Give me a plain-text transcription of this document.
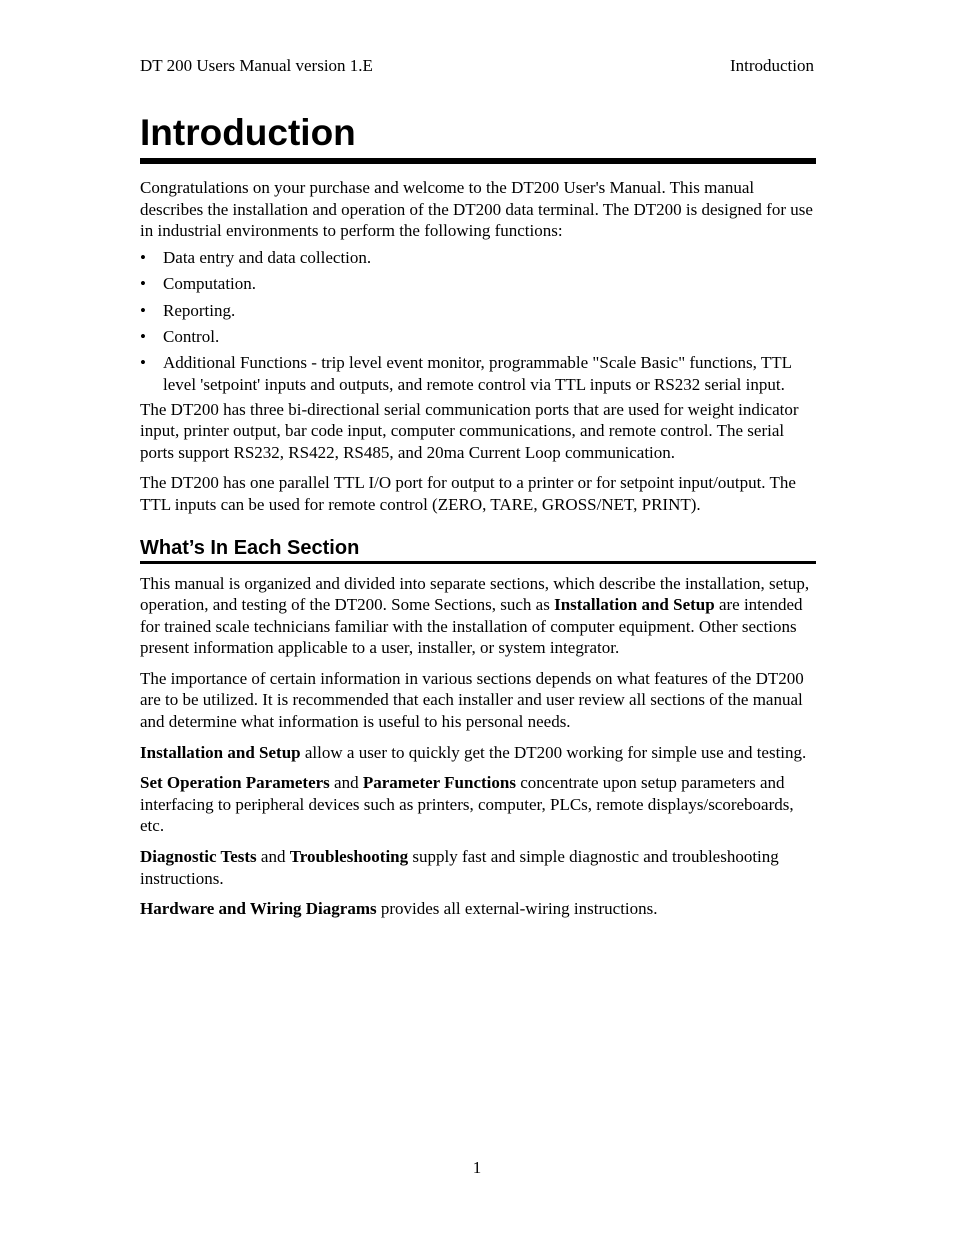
DT 200 Users Manual version 1.E	Introduction
Introduction

Congratulations on your purchase and welcome to the DT200 User's Manual. This manual describes the installation and operation of the DT200 data terminal. The DT200 is designed for use in industrial environments to perform the following functions:

• Data entry and data collection.
• Computation.
• Reporting.
• Control.
• Additional Functions - trip level event monitor, programmable "Scale Basic" functions, TTL level 'setpoint' inputs and outputs, and remote control via TTL inputs or RS232 serial input.

The DT200 has three bi-directional serial communication ports that are used for weight indicator input, printer output, bar code input, computer communications, and remote control. The serial ports support RS232, RS422, RS485, and 20ma Current Loop communication.

The DT200 has one parallel TTL I/O port for output to a printer or for setpoint input/output. The TTL inputs can be used for remote control (ZERO, TARE, GROSS/NET, PRINT).

What’s In Each Section

This manual is organized and divided into separate sections, which describe the installation, setup, operation, and testing of the DT200. Some Sections, such as Installation and Setup are intended for trained scale technicians familiar with the installation of computer equipment. Other sections present information applicable to a user, installer, or system integrator.

The importance of certain information in various sections depends on what features of the DT200 are to be utilized. It is recommended that each installer and user review all sections of the manual and determine what information is useful to his personal needs.

Installation and Setup allow a user to quickly get the DT200 working for simple use and testing.

Set Operation Parameters and Parameter Functions concentrate upon setup parameters and interfacing to peripheral devices such as printers, computer, PLCs, remote displays/scoreboards, etc.

Diagnostic Tests and Troubleshooting supply fast and simple diagnostic and troubleshooting instructions.

Hardware and Wiring Diagrams provides all external-wiring instructions.

1
